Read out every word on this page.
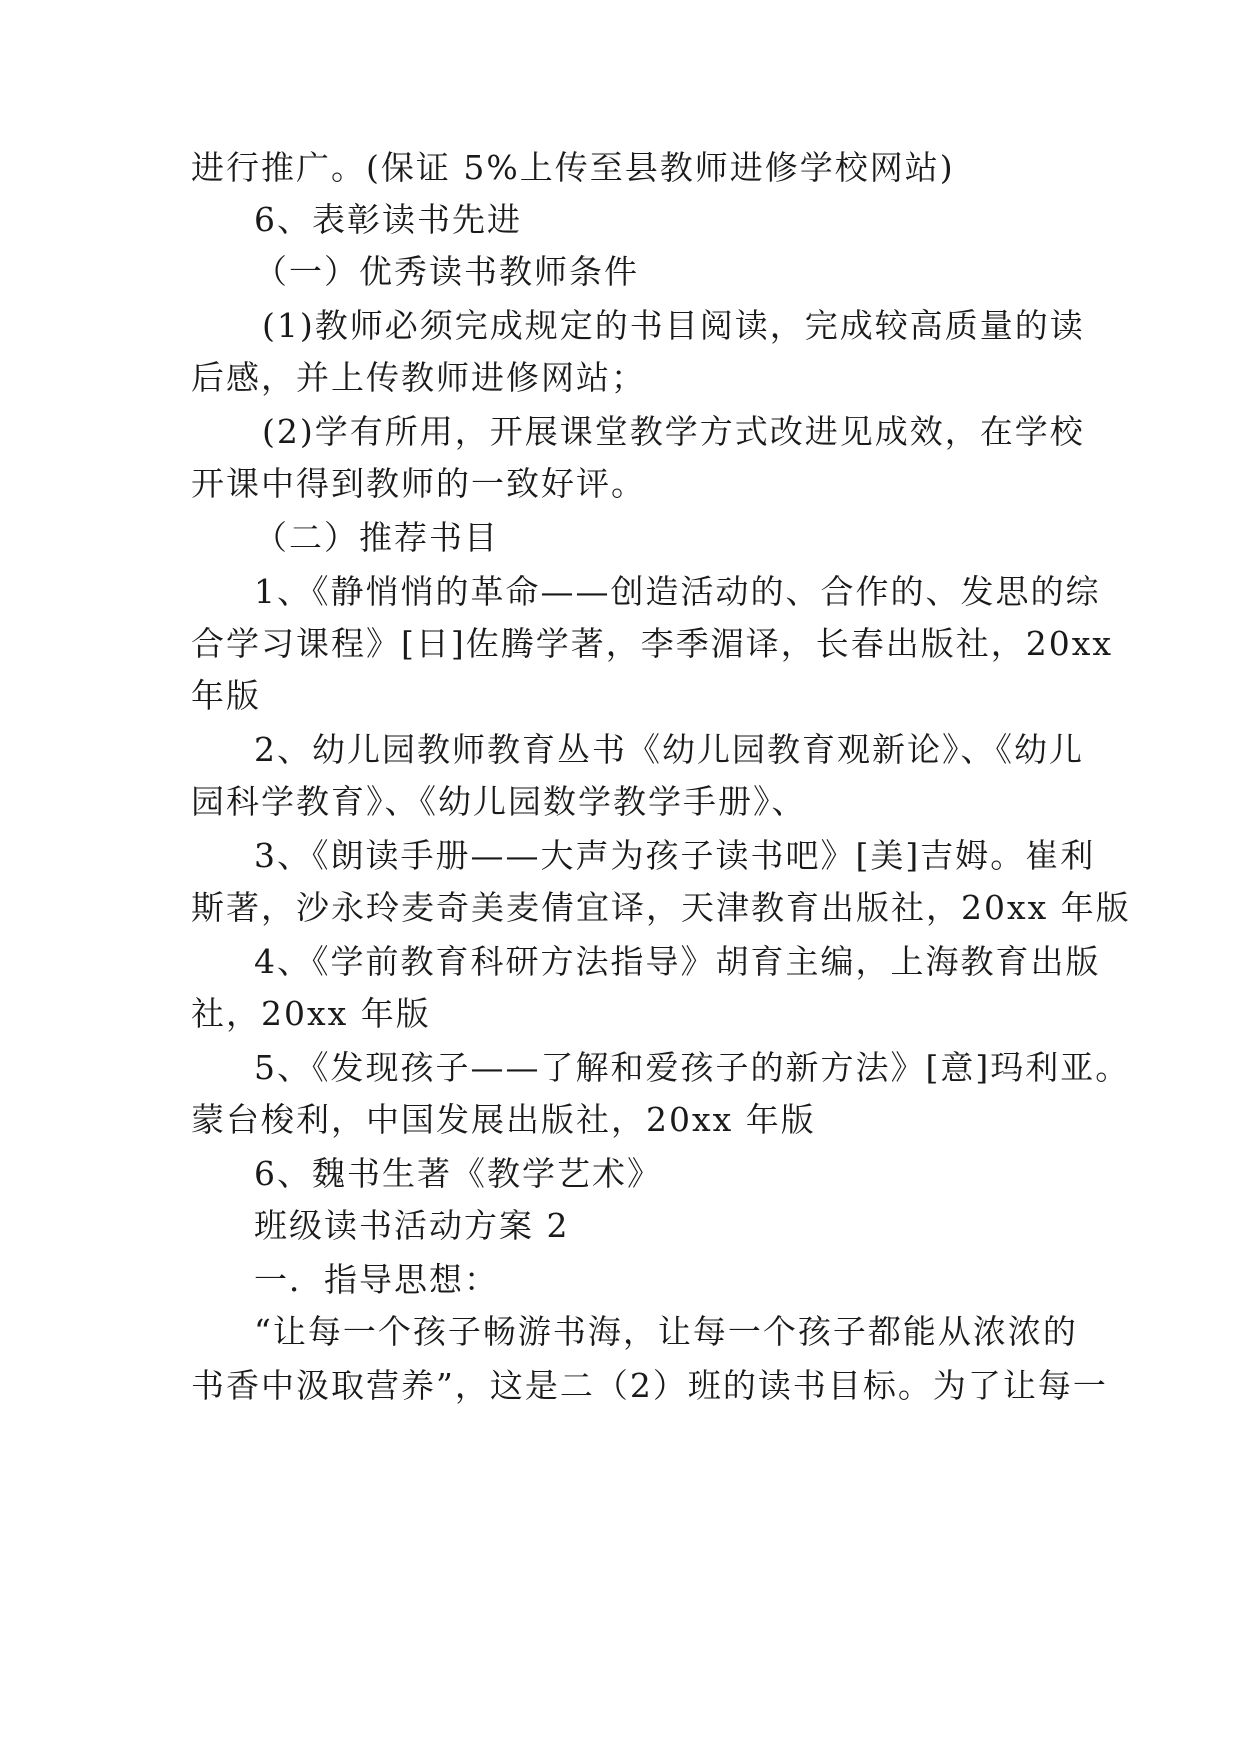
进行推广。(保证 5%上传至县教师进修学校网站)
6、表彰读书先进
（一）优秀读书教师条件
(1)教师必须完成规定的书目阅读，完成较高质量的读
后感，并上传教师进修网站；
(2)学有所用，开展课堂教学方式改进见成效，在学校
开课中得到教师的一致好评。
（二）推荐书目
1、《静悄悄的革命——创造活动的、合作的、发思的综
合学习课程》[日]佐腾学著，李季湄译，长春出版社，20xx
年版
2、幼儿园教师教育丛书《幼儿园教育观新论》、《幼儿
园科学教育》、《幼儿园数学教学手册》、
3、《朗读手册——大声为孩子读书吧》[美]吉姆。崔利
斯著，沙永玲麦奇美麦倩宜译，天津教育出版社，20xx 年版
4、《学前教育科研方法指导》胡育主编，上海教育出版
社，20xx 年版
5、《发现孩子——了解和爱孩子的新方法》[意]玛利亚。
蒙台梭利，中国发展出版社，20xx 年版
6、魏书生著《教学艺术》
班级读书活动方案 2
一．指导思想：
“让每一个孩子畅游书海，让每一个孩子都能从浓浓的
书香中汲取营养”，这是二（2）班的读书目标。为了让每一
